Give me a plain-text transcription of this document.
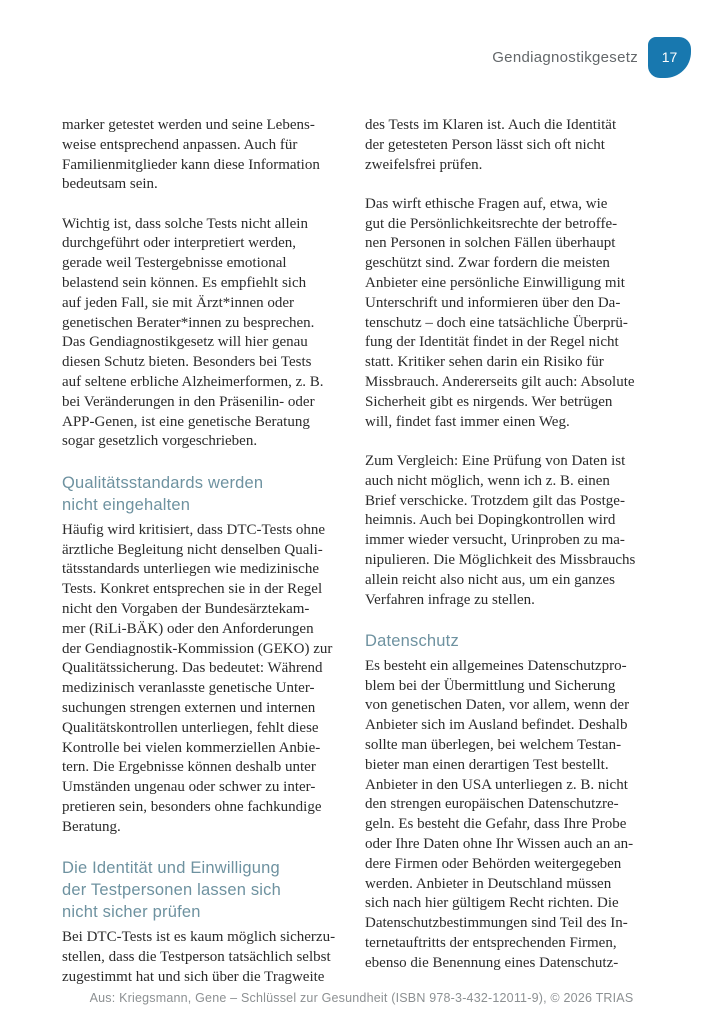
Gendiagnostikgesetz	17

marker getestet werden und seine Lebens-
weise entsprechend anpassen. Auch für
Familienmitglieder kann diese Information
bedeutsam sein.

Wichtig ist, dass solche Tests nicht allein
durchgeführt oder interpretiert werden,
gerade weil Testergebnisse emotional
belastend sein können. Es empfiehlt sich
auf jeden Fall, sie mit Ärzt*innen oder
genetischen Berater*innen zu besprechen.
Das Gendiagnostikgesetz will hier genau
diesen Schutz bieten. Besonders bei Tests
auf seltene erbliche Alzheimerformen, z. B.
bei Veränderungen in den Präsenilin- oder
APP-Genen, ist eine genetische Beratung
sogar gesetzlich vorgeschrieben.

Qualitätsstandards werden
nicht eingehalten

Häufig wird kritisiert, dass DTC-Tests ohne
ärztliche Begleitung nicht denselben Quali-
tätsstandards unterliegen wie medizinische
Tests. Konkret entsprechen sie in der Regel
nicht den Vorgaben der Bundesärztekam-
mer (RiLi-BÄK) oder den Anforderungen
der Gendiagnostik-Kommission (GEKO) zur
Qualitätssicherung. Das bedeutet: Während
medizinisch veranlasste genetische Unter-
suchungen strengen externen und internen
Qualitätskontrollen unterliegen, fehlt diese
Kontrolle bei vielen kommerziellen Anbie-
tern. Die Ergebnisse können deshalb unter
Umständen ungenau oder schwer zu inter-
pretieren sein, besonders ohne fachkundige
Beratung.

Die Identität und Einwilligung
der Testpersonen lassen sich
nicht sicher prüfen

Bei DTC-Tests ist es kaum möglich sicherzu-
stellen, dass die Testperson tatsächlich selbst
zugestimmt hat und sich über die Tragweite

des Tests im Klaren ist. Auch die Identität
der getesteten Person lässt sich oft nicht
zweifelsfrei prüfen.

Das wirft ethische Fragen auf, etwa, wie
gut die Persönlichkeitsrechte der betroffe-
nen Personen in solchen Fällen überhaupt
geschützt sind. Zwar fordern die meisten
Anbieter eine persönliche Einwilligung mit
Unterschrift und informieren über den Da-
tenschutz – doch eine tatsächliche Überprü-
fung der Identität findet in der Regel nicht
statt. Kritiker sehen darin ein Risiko für
Missbrauch. Andererseits gilt auch: Absolute
Sicherheit gibt es nirgends. Wer betrügen
will, findet fast immer einen Weg.

Zum Vergleich: Eine Prüfung von Daten ist
auch nicht möglich, wenn ich z. B. einen
Brief verschicke. Trotzdem gilt das Postge-
heimnis. Auch bei Dopingkontrollen wird
immer wieder versucht, Urinproben zu ma-
nipulieren. Die Möglichkeit des Missbrauchs
allein reicht also nicht aus, um ein ganzes
Verfahren infrage zu stellen.

Datenschutz

Es besteht ein allgemeines Datenschutzpro-
blem bei der Übermittlung und Sicherung
von genetischen Daten, vor allem, wenn der
Anbieter sich im Ausland befindet. Deshalb
sollte man überlegen, bei welchem Testan-
bieter man einen derartigen Test bestellt.
Anbieter in den USA unterliegen z. B. nicht
den strengen europäischen Datenschutzre-
geln. Es besteht die Gefahr, dass Ihre Probe
oder Ihre Daten ohne Ihr Wissen auch an an-
dere Firmen oder Behörden weitergegeben
werden. Anbieter in Deutschland müssen
sich nach hier gültigem Recht richten. Die
Datenschutzbestimmungen sind Teil des In-
ternetauftritts der entsprechenden Firmen,
ebenso die Benennung eines Datenschutz-

Aus: Kriegsmann, Gene – Schlüssel zur Gesundheit (ISBN 978-3-432-12011-9), © 2026 TRIAS
